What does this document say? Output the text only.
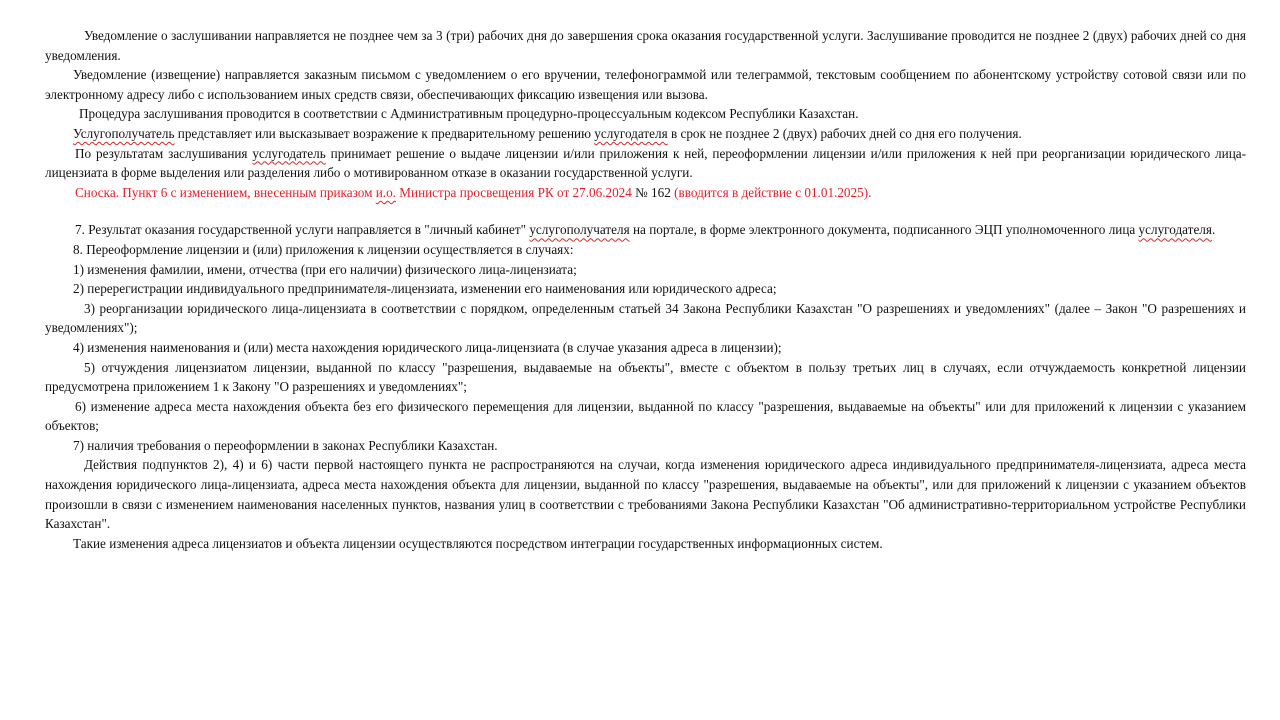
Уведомление о заслушивании направляется не позднее чем за 3 (три) рабочих дня до завершения срока оказания государственной услуги. Заслушивание проводится не позднее 2 (двух) рабочих дней со дня уведомления.

Уведомление (извещение) направляется заказным письмом с уведомлением о его вручении, телефонограммой или телеграммой, текстовым сообщением по абонентскому устройству сотовой связи или по электронному адресу либо с использованием иных средств связи, обеспечивающих фиксацию извещения или вызова.

Процедура заслушивания проводится в соответствии с Административным процедурно-процессуальным кодексом Республики Казахстан.

Услугополучатель представляет или высказывает возражение к предварительному решению услугодателя в срок не позднее 2 (двух) рабочих дней со дня его получения.

По результатам заслушивания услугодатель принимает решение о выдаче лицензии и/или приложения к ней, переоформлении лицензии и/или приложения к ней при реорганизации юридического лица-лицензиата в форме выделения или разделения либо о мотивированном отказе в оказании государственной услуги.

Сноска. Пункт 6 с изменением, внесенным приказом и.о. Министра просвещения РК от 27.06.2024 № 162 (вводится в действие с 01.01.2025).

7. Результат оказания государственной услуги направляется в "личный кабинет" услугополучателя на портале, в форме электронного документа, подписанного ЭЦП уполномоченного лица услугодателя.

8. Переоформление лицензии и (или) приложения к лицензии осуществляется в случаях:

1) изменения фамилии, имени, отчества (при его наличии) физического лица-лицензиата;

2) перерегистрации индивидуального предпринимателя-лицензиата, изменении его наименования или юридического адреса;

3) реорганизации юридического лица-лицензиата в соответствии с порядком, определенным статьей 34 Закона Республики Казахстан "О разрешениях и уведомлениях" (далее – Закон "О разрешениях и уведомлениях");

4) изменения наименования и (или) места нахождения юридического лица-лицензиата (в случае указания адреса в лицензии);

5) отчуждения лицензиатом лицензии, выданной по классу "разрешения, выдаваемые на объекты", вместе с объектом в пользу третьих лиц в случаях, если отчуждаемость конкретной лицензии предусмотрена приложением 1 к Закону "О разрешениях и уведомлениях";

6) изменение адреса места нахождения объекта без его физического перемещения для лицензии, выданной по классу "разрешения, выдаваемые на объекты" или для приложений к лицензии с указанием объектов;

7) наличия требования о переоформлении в законах Республики Казахстан.

Действия подпунктов 2), 4) и 6) части первой настоящего пункта не распространяются на случаи, когда изменения юридического адреса индивидуального предпринимателя-лицензиата, адреса места нахождения юридического лица-лицензиата, адреса места нахождения объекта для лицензии, выданной по классу "разрешения, выдаваемые на объекты", или для приложений к лицензии с указанием объектов произошли в связи с изменением наименования населенных пунктов, названия улиц в соответствии с требованиями Закона Республики Казахстан "Об административно-территориальном устройстве Республики Казахстан".

Такие изменения адреса лицензиатов и объекта лицензии осуществляются посредством интеграции государственных информационных систем.
